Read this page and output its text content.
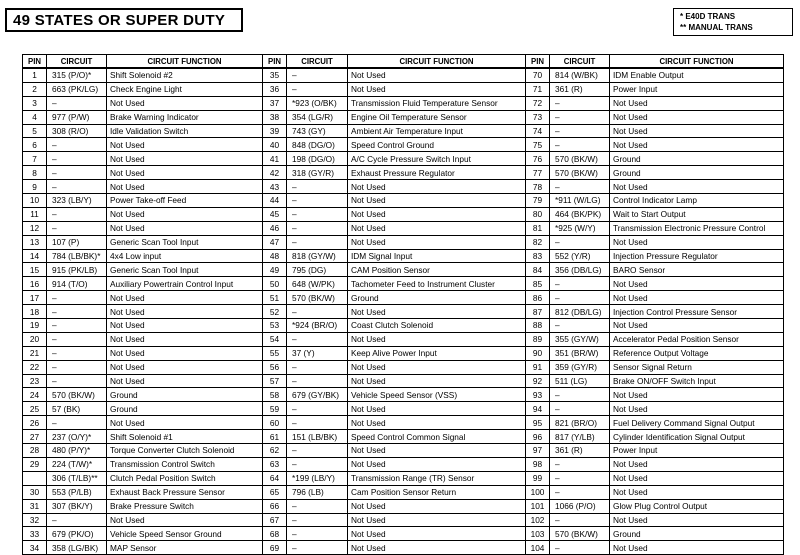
49 STATES OR SUPER DUTY	* E40D TRANS
** MANUAL TRANS
PIN	CIRCUIT	CIRCUIT FUNCTION
1	315 (P/O)*	Shift Solenoid #2
2	663 (PK/LG)	Check Engine Light
3	–	Not Used
4	977 (P/W)	Brake Warning Indicator
5	308 (R/O)	Idle Validation Switch
6	–	Not Used
7	–	Not Used
8	–	Not Used
9	–	Not Used
10	323 (LB/Y)	Power Take-off Feed
11	–	Not Used
12	–	Not Used
13	107 (P)	Generic Scan Tool Input
14	784 (LB/BK)*	4x4 Low input
15	915 (PK/LB)	Generic Scan Tool Input
16	914 (T/O)	Auxiliary Powertrain Control Input
17	–	Not Used
18	–	Not Used
19	–	Not Used
20	–	Not Used
21	–	Not Used
22	–	Not Used
23	–	Not Used
24	570 (BK/W)	Ground
25	57 (BK)	Ground
26	–	Not Used
27	237 (O/Y)*	Shift Solenoid #1
28	480 (P/Y)*	Torque Converter Clutch Solenoid
29	224 (T/W)*	Transmission Control Switch
	306 (T/LB)**	Clutch Pedal Position Switch
30	553 (P/LB)	Exhaust Back Pressure Sensor
31	307 (BK/Y)	Brake Pressure Switch
32	–	Not Used
33	679 (PK/O)	Vehicle Speed Sensor Ground
34	358 (LG/BK)	MAP Sensor
PIN	CIRCUIT	CIRCUIT FUNCTION
35	–	Not Used
36	–	Not Used
37	*923 (O/BK)	Transmission Fluid Temperature Sensor
38	354 (LG/R)	Engine Oil Temperature Sensor
39	743 (GY)	Ambient Air Temperature Input
40	848 (DG/O)	Speed Control Ground
41	198 (DG/O)	A/C Cycle Pressure Switch Input
42	318 (GY/R)	Exhaust Pressure Regulator
43	–	Not Used
44	–	Not Used
45	–	Not Used
46	–	Not Used
47	–	Not Used
48	818 (GY/W)	IDM Signal Input
49	795 (DG)	CAM Position Sensor
50	648 (W/PK)	Tachometer Feed to Instrument Cluster
51	570 (BK/W)	Ground
52	–	Not Used
53	*924 (BR/O)	Coast Clutch Solenoid
54	–	Not Used
55	37 (Y)	Keep Alive Power Input
56	–	Not Used
57	–	Not Used
58	679 (GY/BK)	Vehicle Speed Sensor (VSS)
59	–	Not Used
60	–	Not Used
61	151 (LB/BK)	Speed Control Common Signal
62	–	Not Used
63	–	Not Used
64	*199 (LB/Y)	Transmission Range (TR) Sensor
65	796 (LB)	Cam Position Sensor Return
66	–	Not Used
67	–	Not Used
68	–	Not Used
69	–	Not Used
PIN	CIRCUIT	CIRCUIT FUNCTION
70	814 (W/BK)	IDM Enable Output
71	361 (R)	Power Input
72	–	Not Used
73	–	Not Used
74	–	Not Used
75	–	Not Used
76	570 (BK/W)	Ground
77	570 (BK/W)	Ground
78	–	Not Used
79	*911 (W/LG)	Control Indicator Lamp
80	464 (BK/PK)	Wait to Start Output
81	*925 (W/Y)	Transmission Electronic Pressure Control
82	–	Not Used
83	552 (Y/R)	Injection Pressure Regulator
84	356 (DB/LG)	BARO Sensor
85	–	Not Used
86	–	Not Used
87	812 (DB/LG)	Injection Control Pressure Sensor
88	–	Not Used
89	355 (GY/W)	Accelerator Pedal Position Sensor
90	351 (BR/W)	Reference Output Voltage
91	359 (GY/R)	Sensor Signal Return
92	511 (LG)	Brake ON/OFF Switch Input
93	–	Not Used
94	–	Not Used
95	821 (BR/O)	Fuel Delivery Command Signal Output
96	817 (Y/LB)	Cylinder Identification Signal Output
97	361 (R)	Power Input
98	–	Not Used
99	–	Not Used
100	–	Not Used
101	1066 (P/O)	Glow Plug Control Output
102	–	Not Used
103	570 (BK/W)	Ground
104	–	Not Used
